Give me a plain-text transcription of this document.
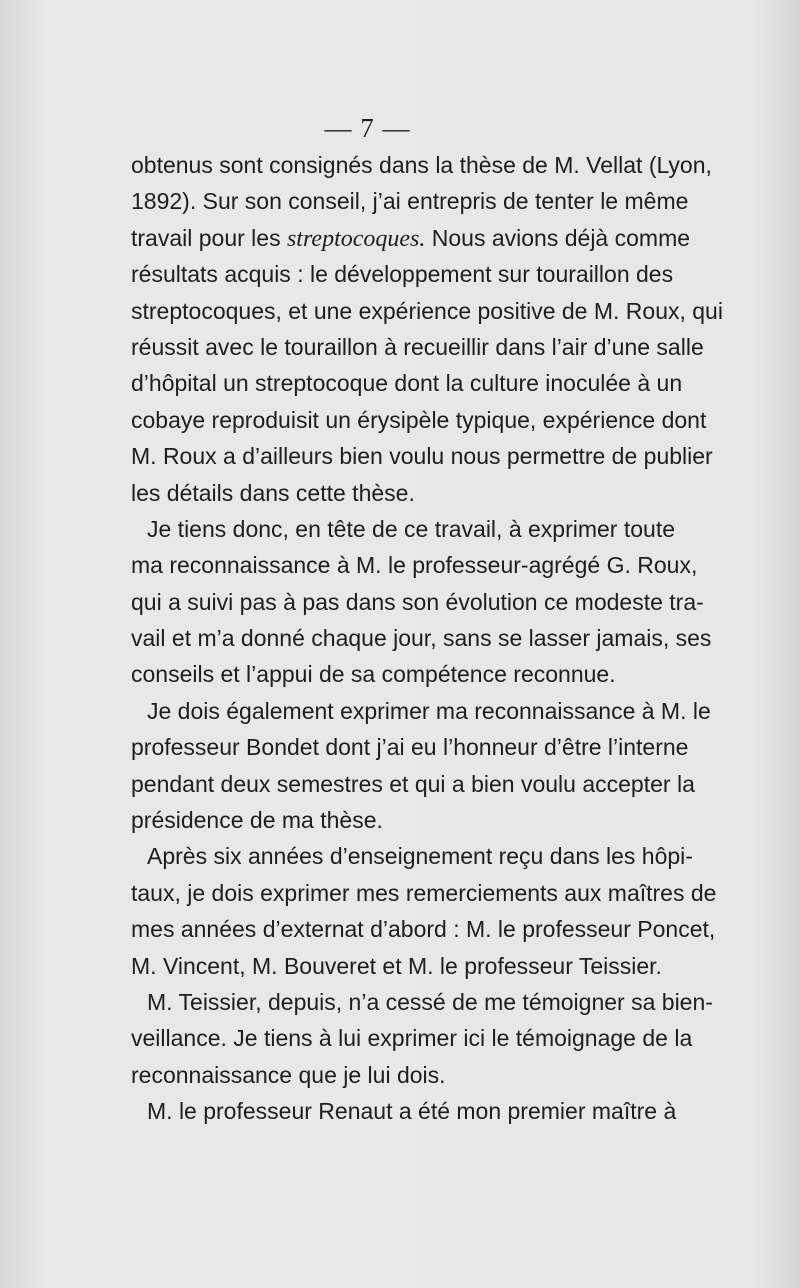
— 7 —
obtenus sont consignés dans la thèse de M. Vellat (Lyon,
1892). Sur son conseil, j’ai entrepris de tenter le même
travail pour les streptocoques. Nous avions déjà comme
résultats acquis : le développement sur touraillon des
streptocoques, et une expérience positive de M. Roux, qui
réussit avec le touraillon à recueillir dans l’air d’une salle
d’hôpital un streptocoque dont la culture inoculée à un
cobaye reproduisit un érysipèle typique, expérience dont
M. Roux a d’ailleurs bien voulu nous permettre de publier
les détails dans cette thèse.
Je tiens donc, en tête de ce travail, à exprimer toute
ma reconnaissance à M. le professeur-agrégé G. Roux,
qui a suivi pas à pas dans son évolution ce modeste tra-
vail et m’a donné chaque jour, sans se lasser jamais, ses
conseils et l’appui de sa compétence reconnue.
Je dois également exprimer ma reconnaissance à M. le
professeur Bondet dont j’ai eu l’honneur d’être l’interne
pendant deux semestres et qui a bien voulu accepter la
présidence de ma thèse.
Après six années d’enseignement reçu dans les hôpi-
taux, je dois exprimer mes remerciements aux maîtres de
mes années d’externat d’abord : M. le professeur Poncet,
M. Vincent, M. Bouveret et M. le professeur Teissier.
M. Teissier, depuis, n’a cessé de me témoigner sa bien-
veillance. Je tiens à lui exprimer ici le témoignage de la
reconnaissance que je lui dois.
M. le professeur Renaut a été mon premier maître à
